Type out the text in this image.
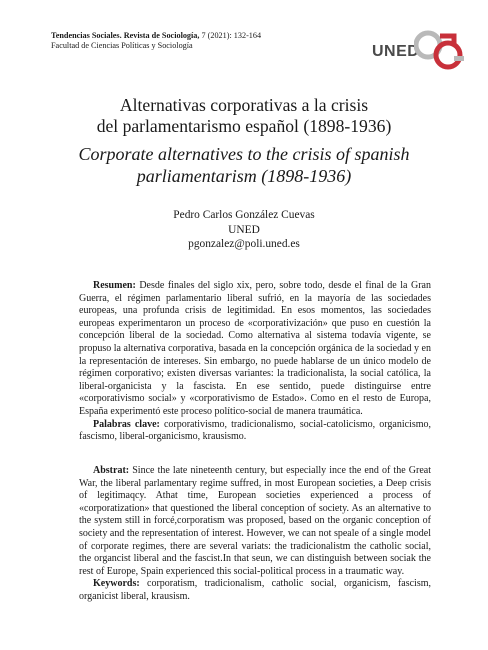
Tendencias Sociales. Revista de Sociología, 7 (2021): 132-164
Facultad de Ciencias Políticas y Sociología	UNED
Alternativas corporativas a la crisis
del parlamentarismo español (1898-1936)
Corporate alternatives to the crisis of spanish
parliamentarism (1898-1936)
Pedro Carlos González Cuevas
UNED
pgonzalez@poli.uned.es

Resumen: Desde finales del siglo xix, pero, sobre todo, desde el final de la Gran Guerra, el régimen parlamentario liberal sufrió, en la mayoría de las sociedades europeas, una profunda crisis de legitimidad. En esos momentos, las sociedades europeas experimentaron un proceso de «corporativización» que puso en cuestión la concepción liberal de la sociedad. Como alternativa al sistema todavía vigente, se propuso la alternativa corporativa, basada en la concepción orgánica de la sociedad y en la representación de intereses. Sin embargo, no puede hablarse de un único modelo de régimen corporativo; existen diversas variantes: la tradicionalista, la social católica, la liberal-organicista y la fascista. En ese sentido, puede distinguirse entre «corporativismo social» y «corporativismo de Estado». Como en el resto de Europa, España experimentó este proceso político-social de manera traumática.

Palabras clave: corporativismo, tradicionalismo, social-catolicismo, organicismo, fascismo, liberal-organicismo, krausismo.

Abstrat: Since the late nineteenth century, but especially ince the end of the Great War, the liberal parlamentary regime suffred, in most European societies, a Deep crisis of legitimaqcy. Athat time, European societies experienced a process of «corporatization» that questioned the liberal conception of society. As an alternative to the system still in forcé,corporatism was proposed, based on the organic conception of society and the representation of interest. However, we can not speale of a single model of corporate regimes, there are several variats: the tradicionalistm the catholic social, the organcist liberal and the fascist.In that seun, we can distinguish between sociak the rest of Europe, Spain experienced this social-political process in a traumatic way.

Keywords: corporatism, tradicionalism, catholic social, organicism, fascism, organicist liberal, krausism.
